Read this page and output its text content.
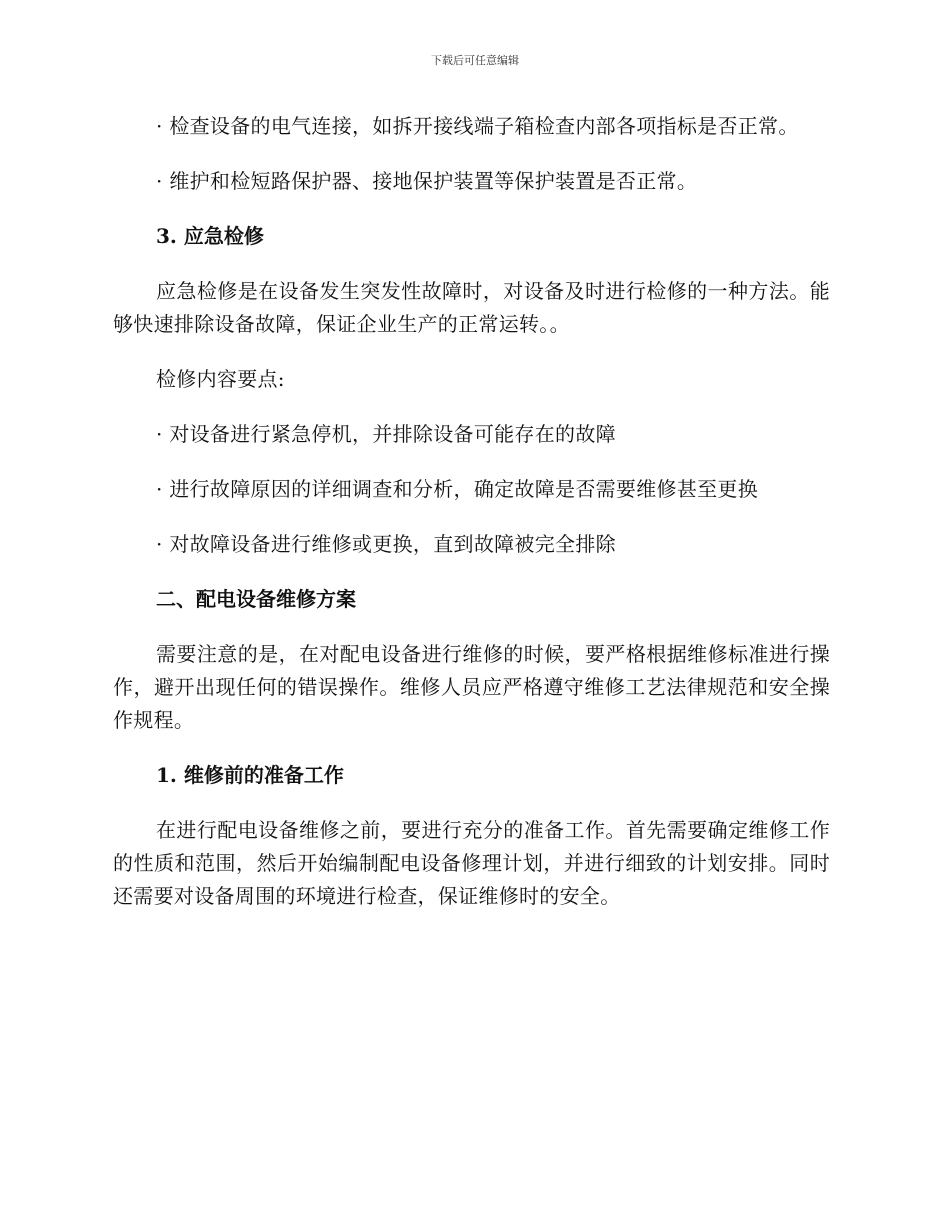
下载后可任意编辑

· 检查设备的电气连接，如拆开接线端子箱检查内部各项指标是否正常。

· 维护和检短路保护器、接地保护装置等保护装置是否正常。

3. 应急检修

应急检修是在设备发生突发性故障时，对设备及时进行检修的一种方法。能够快速排除设备故障，保证企业生产的正常运转。。

检修内容要点:

· 对设备进行紧急停机，并排除设备可能存在的故障

· 进行故障原因的详细调查和分析，确定故障是否需要维修甚至更换

· 对故障设备进行维修或更换，直到故障被完全排除

二、配电设备维修方案

需要注意的是，在对配电设备进行维修的时候，要严格根据维修标准进行操作，避开出现任何的错误操作。维修人员应严格遵守维修工艺法律规范和安全操作规程。

1. 维修前的准备工作

在进行配电设备维修之前，要进行充分的准备工作。首先需要确定维修工作的性质和范围，然后开始编制配电设备修理计划，并进行细致的计划安排。同时还需要对设备周围的环境进行检查，保证维修时的安全。
